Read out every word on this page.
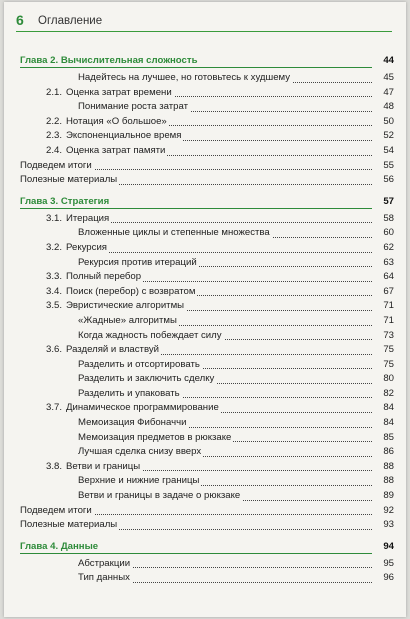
6 Оглавление
Глава 2. Вычислительная сложность	44
Надейтесь на лучшее, но готовьтесь к худшему	45
2.1. Оценка затрат времени	47
Понимание роста затрат	48
2.2. Нотация «О большое»	50
2.3. Экспоненциальное время	52
2.4. Оценка затрат памяти	54
Подведем итоги	55
Полезные материалы	56
Глава 3. Стратегия	57
3.1. Итерация	58
Вложенные циклы и степенные множества	60
3.2. Рекурсия	62
Рекурсия против итераций	63
3.3. Полный перебор	64
3.4. Поиск (перебор) с возвратом	67
3.5. Эвристические алгоритмы	71
«Жадные» алгоритмы	71
Когда жадность побеждает силу	73
3.6. Разделяй и властвуй	75
Разделить и отсортировать	75
Разделить и заключить сделку	80
Разделить и упаковать	82
3.7. Динамическое программирование	84
Мемоизация Фибоначчи	84
Мемоизация предметов в рюкзаке	85
Лучшая сделка снизу вверх	86
3.8. Ветви и границы	88
Верхние и нижние границы	88
Ветви и границы в задаче о рюкзаке	89
Подведем итоги	92
Полезные материалы	93
Глава 4. Данные	94
Абстракции	95
Тип данных	96
